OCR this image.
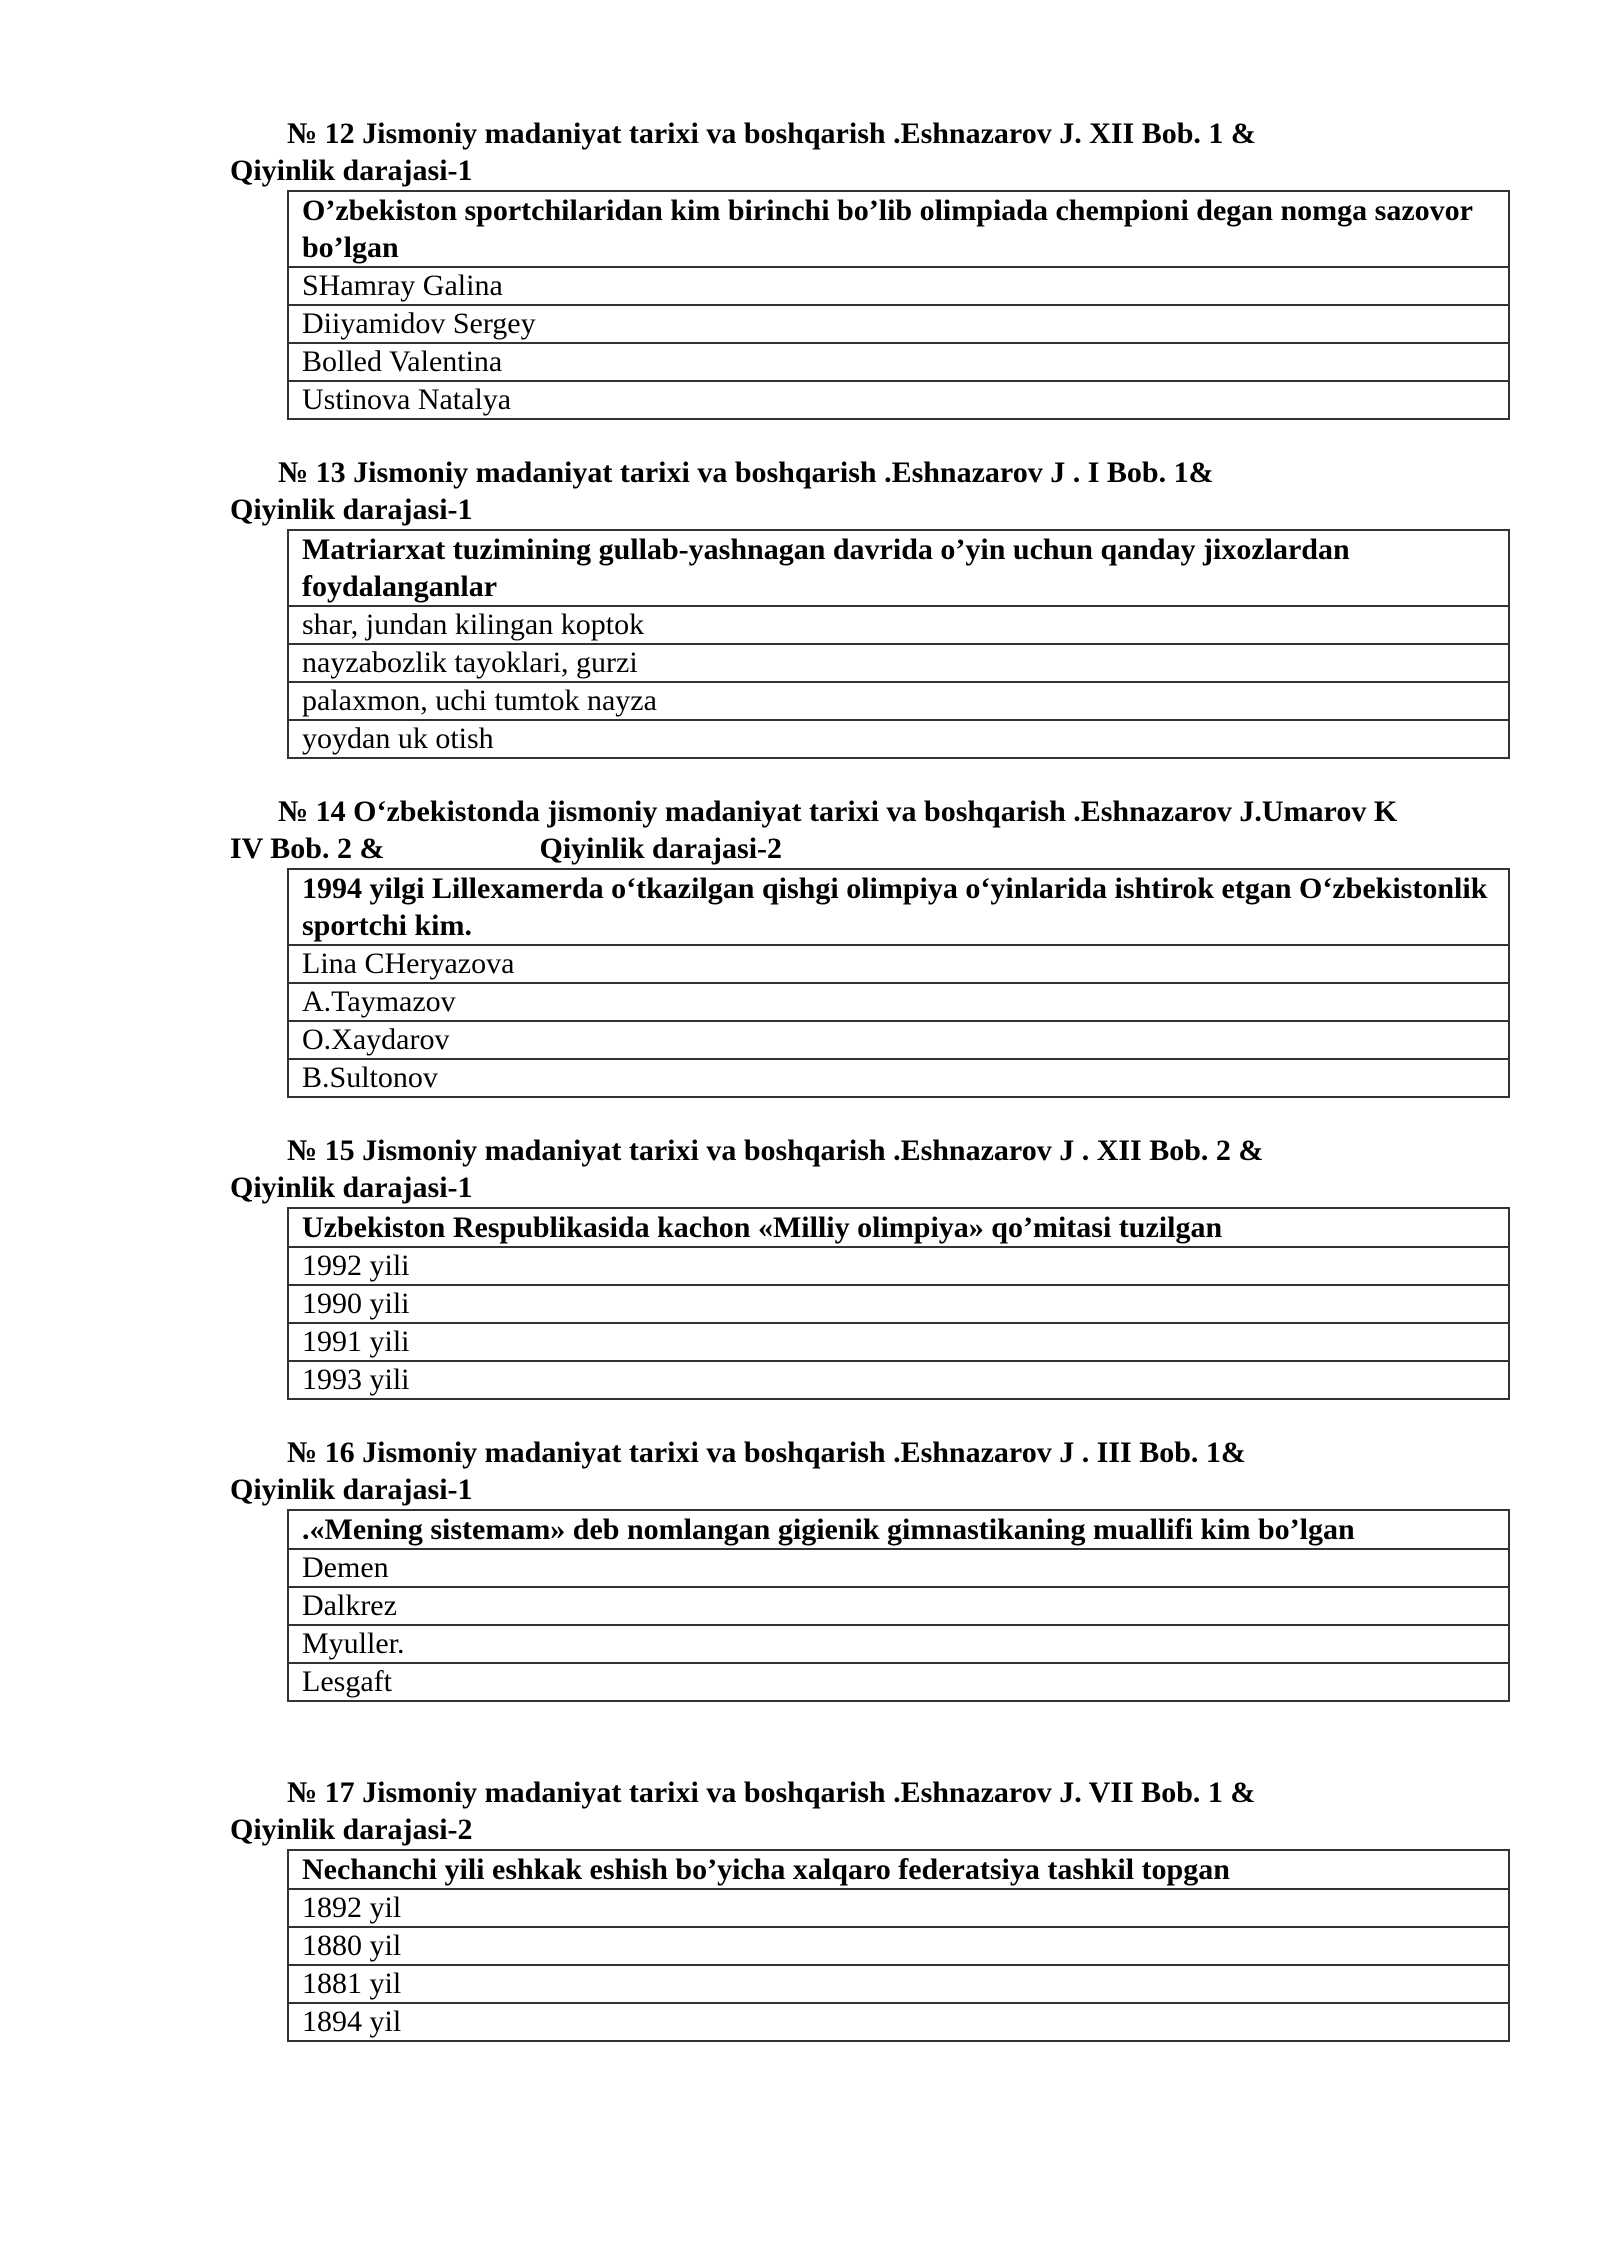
№ 12 Jismoniy madaniyat tarixi va boshqarish .Eshnazarov J. XII Bob. 1 &
Qiyinlik darajasi-1
O’zbekiston sportchilaridan kim birinchi bo’lib olimpiada chempioni degan nomga sazovor bo’lgan
SHamray Galina
Diiyamidov Sergey
Bolled Valentina
Ustinova Natalya
№ 13 Jismoniy madaniyat tarixi va boshqarish .Eshnazarov J . I Bob. 1&
Qiyinlik darajasi-1
Matriarxat tuzimining gullab-yashnagan davrida o’yin uchun qanday jixozlardan foydalanganlar
shar, jundan kilingan koptok
nayzabozlik tayoklari, gurzi
palaxmon, uchi tumtok nayza
yoydan uk otish
№ 14 O‘zbekistonda jismoniy madaniyat tarixi va boshqarish .Eshnazarov J.Umarov K
IV Bob. 2 &	Qiyinlik darajasi-2
1994 yilgi Lillexamerda o‘tkazilgan qishgi olimpiya o‘yinlarida ishtirok etgan O‘zbekistonlik sportchi kim.
Lina CHeryazova
A.Taymazov
O.Xaydarov
B.Sultonov
№ 15 Jismoniy madaniyat tarixi va boshqarish .Eshnazarov J . XII Bob. 2 &
Qiyinlik darajasi-1
Uzbekiston Respublikasida kachon «Milliy olimpiya» qo’mitasi tuzilgan
1992 yili
1990 yili
1991 yili
1993 yili
№ 16 Jismoniy madaniyat tarixi va boshqarish .Eshnazarov J . III Bob. 1&
Qiyinlik darajasi-1
.«Mening sistemam» deb nomlangan gigienik gimnastikaning muallifi kim bo’lgan
Demen
Dalkrez
Myuller.
Lesgaft
№ 17 Jismoniy madaniyat tarixi va boshqarish .Eshnazarov J. VII Bob. 1 &
Qiyinlik darajasi-2
Nechanchi yili eshkak eshish bo’yicha xalqaro federatsiya tashkil topgan
1892 yil
1880 yil
1881 yil
1894 yil
